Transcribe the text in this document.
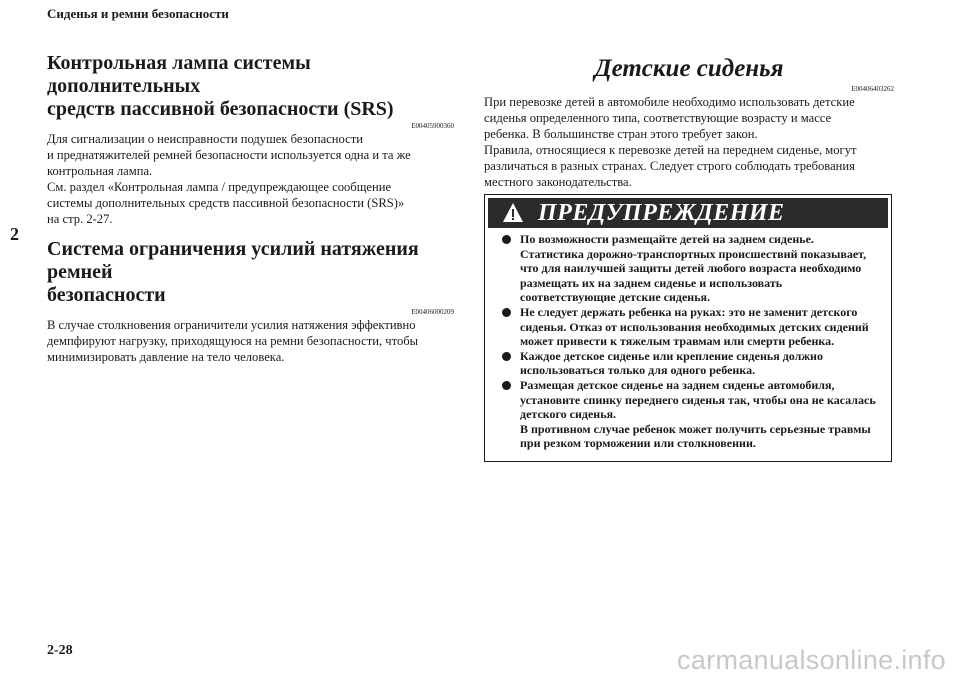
Сиденья и ремни безопасности
2

Контрольная лампа системы дополнительных
средств пассивной безопасности (SRS)

E00405900360

Для сигнализации о неисправности подушек безопасности
и преднатяжителей ремней безопасности используется одна и та же
контрольная лампа.
См. раздел «Контрольная лампа / предупреждающее сообщение
системы дополнительных средств пассивной безопасности (SRS)»
на стр. 2-27.

Система ограничения усилий натяжения ремней
безопасности

E00406000209

В случае столкновения ограничители усилия натяжения эффективно
демпфируют нагрузку, приходящуюся на ремни безопасности, чтобы
минимизировать давление на тело человека.

Детские сиденья

E00406403262

При перевозке детей в автомобиле необходимо использовать детские
сиденья определенного типа, соответствующие возрасту и массе
ребенка. В большинстве стран этого требует закон.
Правила, относящиеся к перевозке детей на переднем сиденье, могут
различаться в разных странах. Следует строго соблюдать требования
местного законодательства.

ПРЕДУПРЕЖДЕНИЕ

По возможности размещайте детей на заднем сиденье.
Статистика дорожно-транспортных происшествий показывает,
что для наилучшей защиты детей любого возраста необходимо
размещать их на заднем сиденье и использовать
соответствующие детские сиденья.

Не следует держать ребенка на руках: это не заменит детского
сиденья. Отказ от использования необходимых детских сидений
может привести к тяжелым травмам или смерти ребенка.

Каждое детское сиденье или крепление сиденья должно
использоваться только для одного ребенка.

Размещая детское сиденье на заднем сиденье автомобиля,
установите спинку переднего сиденья так, чтобы она не касалась
детского сиденья.

В противном случае ребенок может получить серьезные травмы
при резком торможении или столкновении.

2-28	carmanualsonline.info
